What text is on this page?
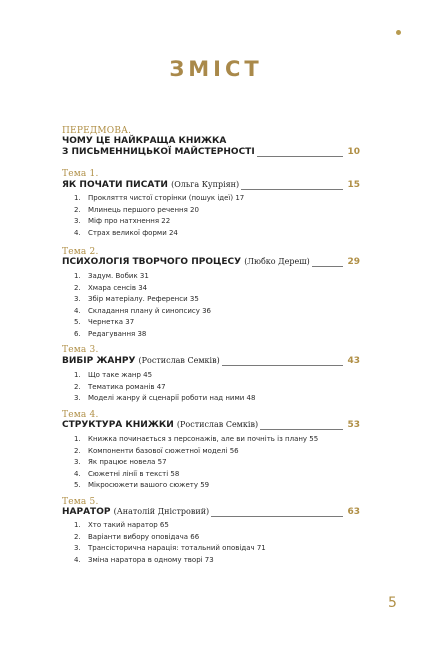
ЗМІСТ
ПЕРЕДМОВА.
ЧОМУ ЦЕ НАЙКРАЩА КНИЖКА
З ПИСЬМЕННИЦЬКОЇ МАЙСТЕРНОСТІ	10
Тема 1.
ЯК ПОЧАТИ ПИСАТИ (Ольга Купріян)	15
1. Прокляття чистої сторінки (пошук ідеї) 17
2. Млинець першого речення 20
3. Міф про натхнення 22
4. Страх великої форми 24
Тема 2.
ПСИХОЛОГІЯ ТВОРЧОГО ПРОЦЕСУ (Любко Дереш)	29
1. Задум. Вобик 31
2. Хмара сенсів 34
3. Збір матеріалу. Референси 35
4. Складання плану й синопсису 36
5. Чернетка 37
6. Редагування 38
Тема 3.
ВИБІР ЖАНРУ (Ростислав Семків)	43
1. Що таке жанр 45
2. Тематика романів 47
3. Моделі жанру й сценарії роботи над ними 48
Тема 4.
СТРУКТУРА КНИЖКИ (Ростислав Семків)	53
1. Книжка починається з персонажів, але ви почніть із плану 55
2. Компоненти базової сюжетної моделі 56
3. Як працює новела 57
4. Сюжетні лінії в тексті 58
5. Мікросюжети вашого сюжету 59
Тема 5.
НАРАТОР (Анатолій Дністровий)	63
1. Хто такий наратор 65
2. Варіанти вибору оповідача 66
3. Трансісторична нарація: тотальний оповідач 71
4. Зміна наратора в одному творі 73
5
